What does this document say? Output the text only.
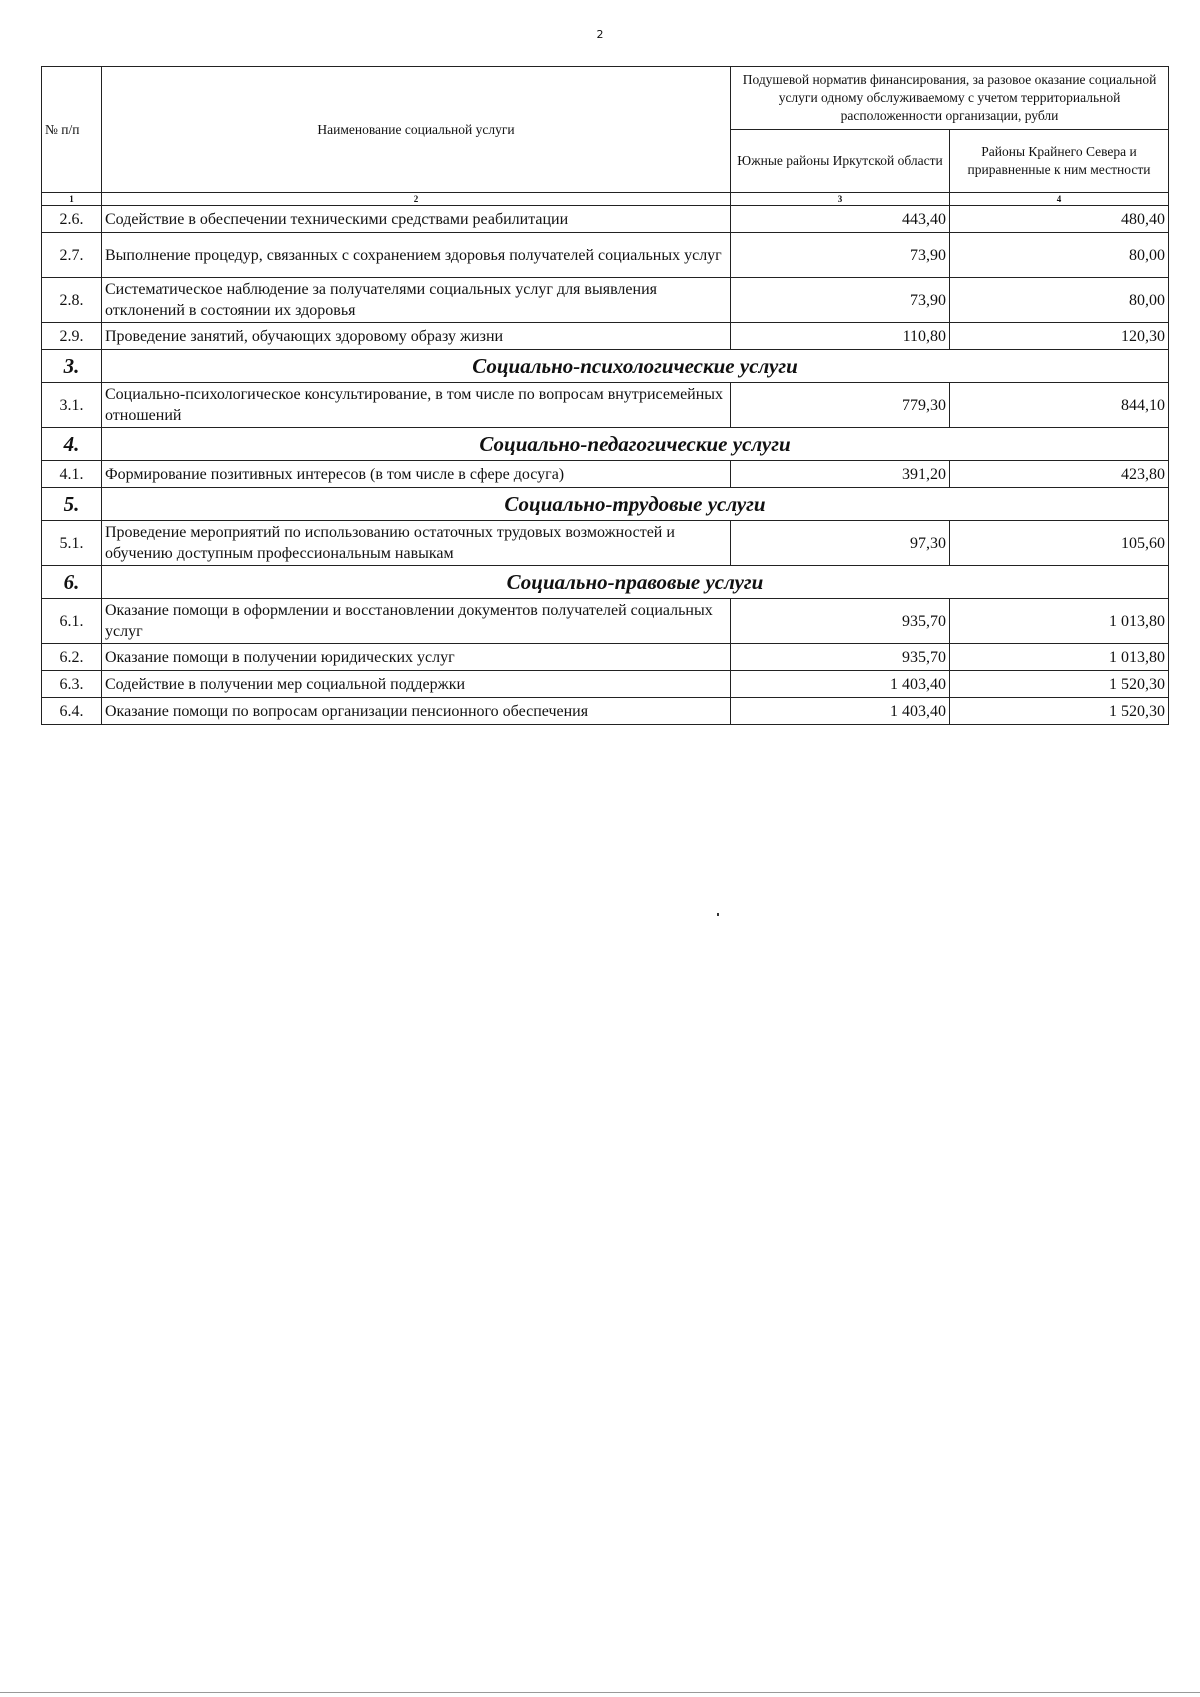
2
№ п/п	Наименование социальной услуги	Подушевой норматив финансирования, за разовое оказание социальной услуги одному обслуживаемому с учетом территориальной расположенности организации, рубли	
		Южные районы Иркутской области	Районы Крайнего Севера и приравненные к ним местности
1	2	3	4
2.6.	Содействие в обеспечении техническими средствами реабилитации	443,40	480,40
2.7.	Выполнение процедур, связанных с сохранением здоровья получателей социальных услуг	73,90	80,00
2.8.	Систематическое наблюдение за получателями социальных услуг для выявления отклонений в состоянии их здоровья	73,90	80,00
2.9.	Проведение занятий, обучающих здоровому образу жизни	110,80	120,30
3.	Социально-психологические услуги		
3.1.	Социально-психологическое консультирование, в том числе по вопросам внутрисемейных отношений	779,30	844,10
4.	Социально-педагогические услуги		
4.1.	Формирование позитивных интересов (в том числе в сфере досуга)	391,20	423,80
5.	Социально-трудовые услуги		
5.1.	Проведение мероприятий по использованию остаточных трудовых возможностей и обучению доступным профессиональным навыкам	97,30	105,60
6.	Социально-правовые услуги		
6.1.	Оказание помощи в оформлении и восстановлении документов получателей социальных услуг	935,70	1 013,80
6.2.	Оказание помощи в получении юридических услуг	935,70	1 013,80
6.3.	Содействие в получении мер социальной поддержки	1 403,40	1 520,30
6.4.	Оказание помощи по вопросам организации пенсионного обеспечения	1 403,40	1 520,30
